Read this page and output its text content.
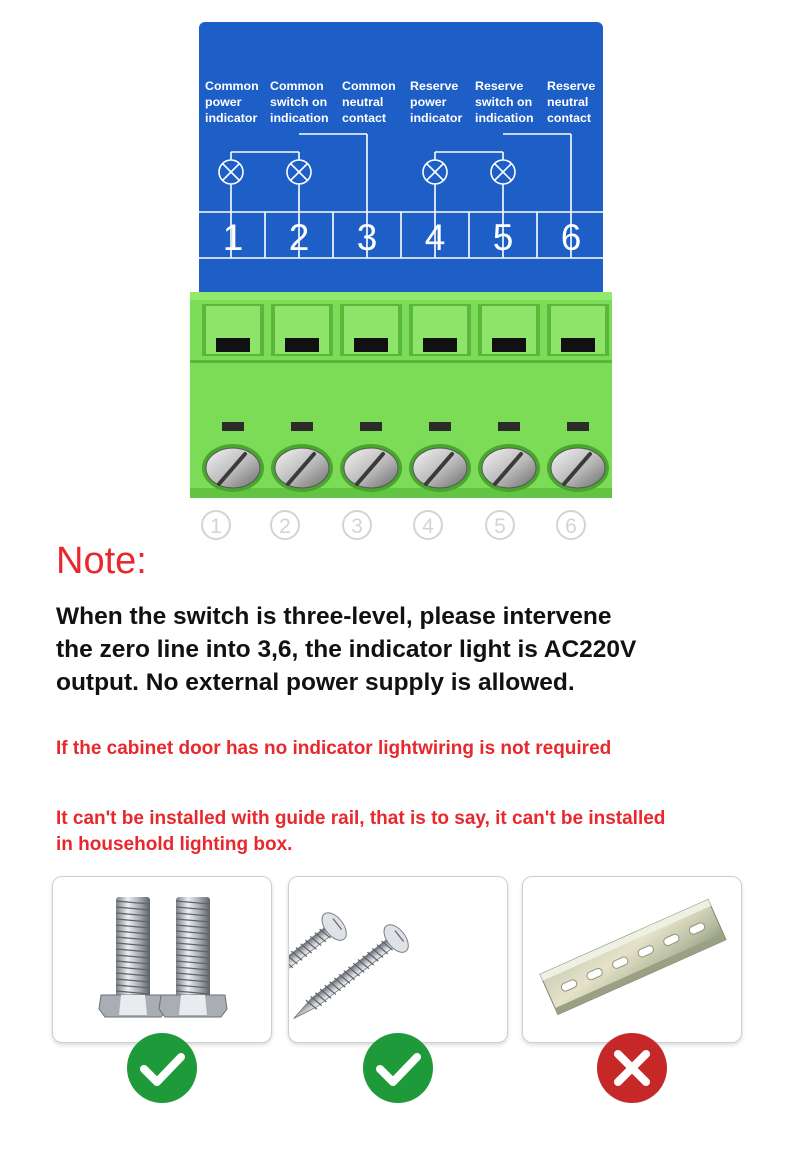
Common
power
indicator
Common
switch on
indication
Common
neutral
contact
Reserve
power
indicator
Reserve
switch on
indication
Reserve
neutral
contact
1	2	3	4	5	6
1	2	3	4	5	6
Note:

When the switch is three-level, please intervene
the zero line into 3,6, the indicator light is AC220V
output. No external power supply is allowed.

If the cabinet door has no indicator lightwiring is not required
It can't be installed with guide rail, that is to say, it can't be installed
in household lighting box.
